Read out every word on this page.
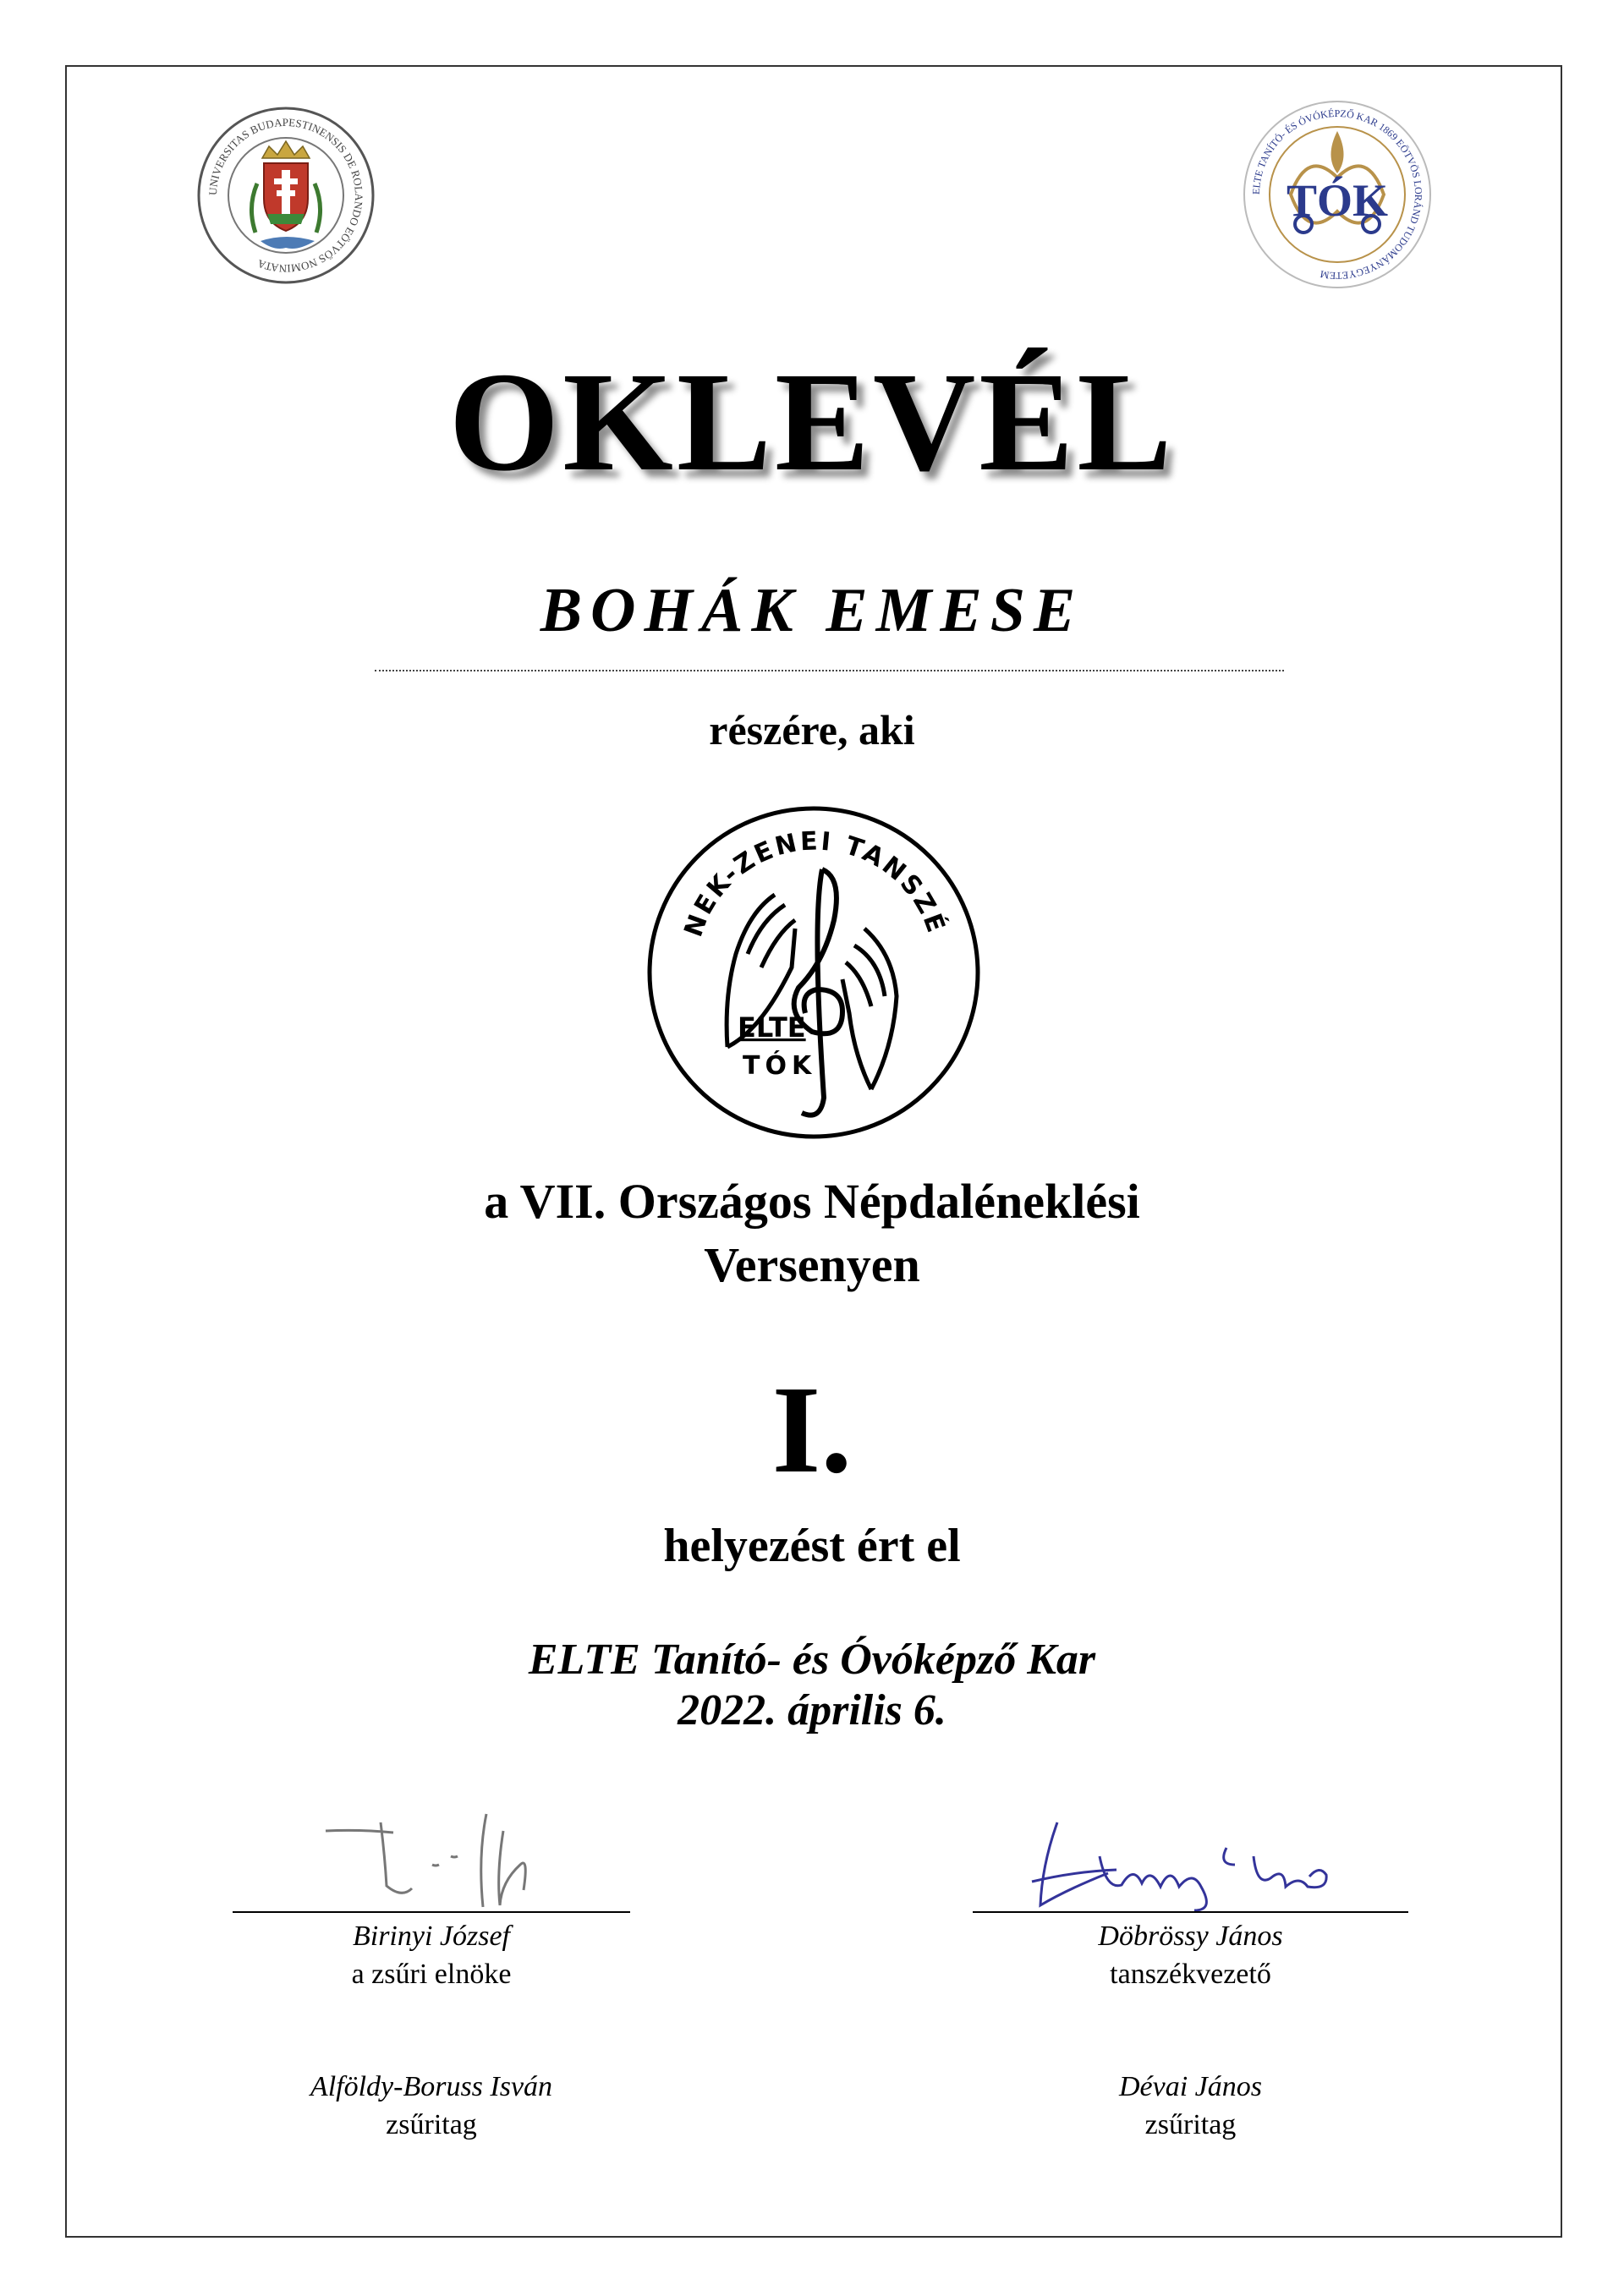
UNIVERSITAS BUDAPESTINENSIS DE ROLANDO EÖTVÖS NOMINATA
ELTE TANÍTÓ- ÉS ÓVÓKÉPZŐ KAR 1869 EÖTVÖS LORÁND TUDOMÁNYEGYETEM
TÓK
OKLEVÉL
BOHÁK EMESE
részére, aki
NEK-ZENEI TANSZÉ
ELTE
TÓK
a VII. Országos Népdaléneklési
Versenyen
I.
helyezést ért el
ELTE Tanító- és Óvóképző Kar
2022. április 6.
Birinyi József
a zsűri elnöke
Döbrössy János
tanszékvezető
Alföldy-Boruss Isván
zsűritag
Dévai János
zsűritag
